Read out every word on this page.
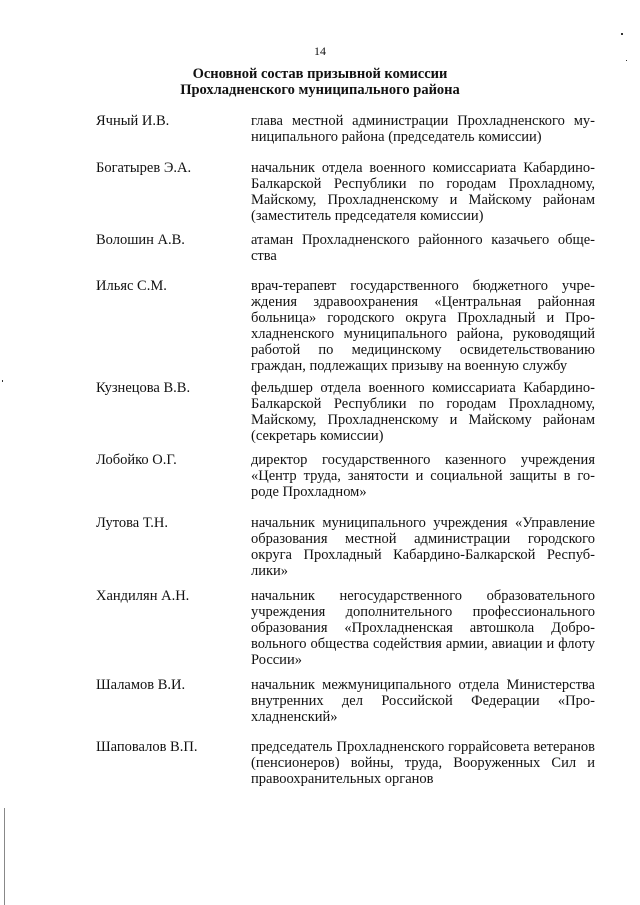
14
Основной состав призывной комиссии
Прохладненского муниципального района
Ячный И.В.	глава местной администрации Прохладненского муниципального района (председатель комиссии)
Богатырев Э.А.	начальник отдела военного комиссариата Кабардино-Балкарской Республики по городам Прохладному, Майскому, Прохладненскому и Майскому районам (заместитель председателя комиссии)
Волошин А.В.	атаман Прохладненского районного казачьего общества
Ильяс С.М.	врач-терапевт государственного бюджетного учреждения здравоохранения «Центральная районная больница» городского округа Прохладный и Прохладненского муниципального района, руководящий работой по медицинскому освидетельствованию граждан, подлежащих призыву на военную службу
Кузнецова В.В.	фельдшер отдела военного комиссариата Кабардино-Балкарской Республики по городам Прохладному, Майскому, Прохладненскому и Майскому районам (секретарь комиссии)
Лобойко О.Г.	директор государственного казенного учреждения «Центр труда, занятости и социальной защиты в городе Прохладном»
Лутова Т.Н.	начальник муниципального учреждения «Управление образования местной администрации городского округа Прохладный Кабардино-Балкарской Республики»
Хандилян А.Н.	начальник негосударственного образовательного учреждения дополнительного профессионального образования «Прохладненская автошкола Добровольного общества содействия армии, авиации и флоту России»
Шаламов В.И.	начальник межмуниципального отдела Министерства внутренних дел Российской Федерации «Прохладненский»
Шаповалов В.П.	председатель Прохладненского горрайсовета ветеранов (пенсионеров) войны, труда, Вооруженных Сил и правоохранительных органов
